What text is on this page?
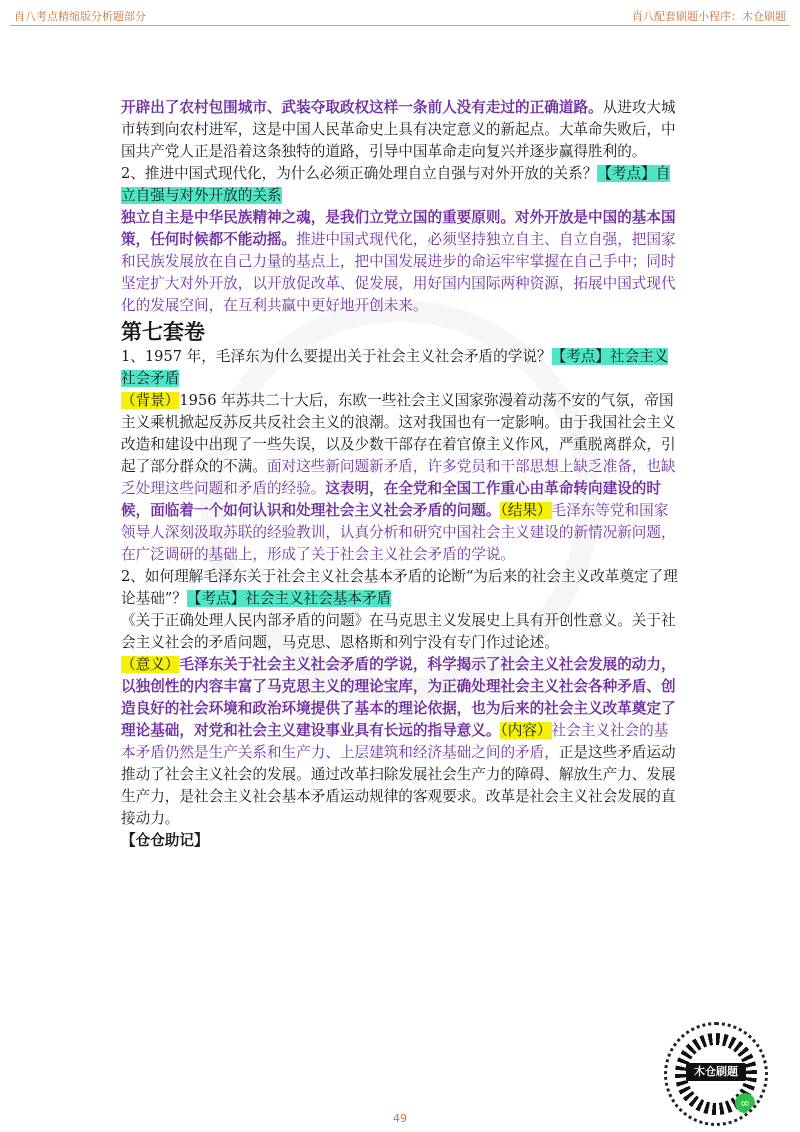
肖八考点精缩版分析题部分	肖八配套刷题小程序：木仓刷题

开辟出了农村包围城市、武装夺取政权这样一条前人没有走过的正确道路。从进攻大城市转到向农村进军，这是中国人民革命史上具有决定意义的新起点。大革命失败后，中国共产党人正是沿着这条独特的道路，引导中国革命走向复兴并逐步赢得胜利的。

2、推进中国式现代化，为什么必须正确处理自立自强与对外开放的关系？【考点】自立自强与对外开放的关系

独立自主是中华民族精神之魂，是我们立党立国的重要原则。对外开放是中国的基本国策，任何时候都不能动摇。推进中国式现代化，必须坚持独立自主、自立自强，把国家和民族发展放在自己力量的基点上，把中国发展进步的命运牢牢掌握在自己手中；同时坚定扩大对外开放，以开放促改革、促发展，用好国内国际两种资源，拓展中国式现代化的发展空间，在互利共赢中更好地开创未来。

第七套卷

1、1957 年，毛泽东为什么要提出关于社会主义社会矛盾的学说？【考点】社会主义社会矛盾

（背景）1956 年苏共二十大后，东欧一些社会主义国家弥漫着动荡不安的气氛，帝国主义乘机掀起反苏反共反社会主义的浪潮。这对我国也有一定影响。由于我国社会主义改造和建设中出现了一些失误，以及少数干部存在着官僚主义作风，严重脱离群众，引起了部分群众的不满。面对这些新问题新矛盾，许多党员和干部思想上缺乏准备，也缺乏处理这些问题和矛盾的经验。这表明，在全党和全国工作重心由革命转向建设的时候，面临着一个如何认识和处理社会主义社会矛盾的问题。（结果）毛泽东等党和国家领导人深刻汲取苏联的经验教训，认真分析和研究中国社会主义建设的新情况新问题，在广泛调研的基础上，形成了关于社会主义社会矛盾的学说。

2、如何理解毛泽东关于社会主义社会基本矛盾的论断“为后来的社会主义改革奠定了理论基础”？【考点】社会主义社会基本矛盾

《关于正确处理人民内部矛盾的问题》在马克思主义发展史上具有开创性意义。关于社会主义社会的矛盾问题，马克思、恩格斯和列宁没有专门作过论述。

（意义）毛泽东关于社会主义社会矛盾的学说，科学揭示了社会主义社会发展的动力，以独创性的内容丰富了马克思主义的理论宝库，为正确处理社会主义社会各种矛盾、创造良好的社会环境和政治环境提供了基本的理论依据，也为后来的社会主义改革奠定了理论基础，对党和社会主义建设事业具有长远的指导意义。（内容）社会主义社会的基本矛盾仍然是生产关系和生产力、上层建筑和经济基础之间的矛盾，正是这些矛盾运动推动了社会主义社会的发展。通过改革扫除发展社会生产力的障碍、解放生产力、发展生产力，是社会主义社会基本矛盾运动规律的客观要求。改革是社会主义社会发展的直接动力。

【仓仓助记】

49
木仓刷题
∞
